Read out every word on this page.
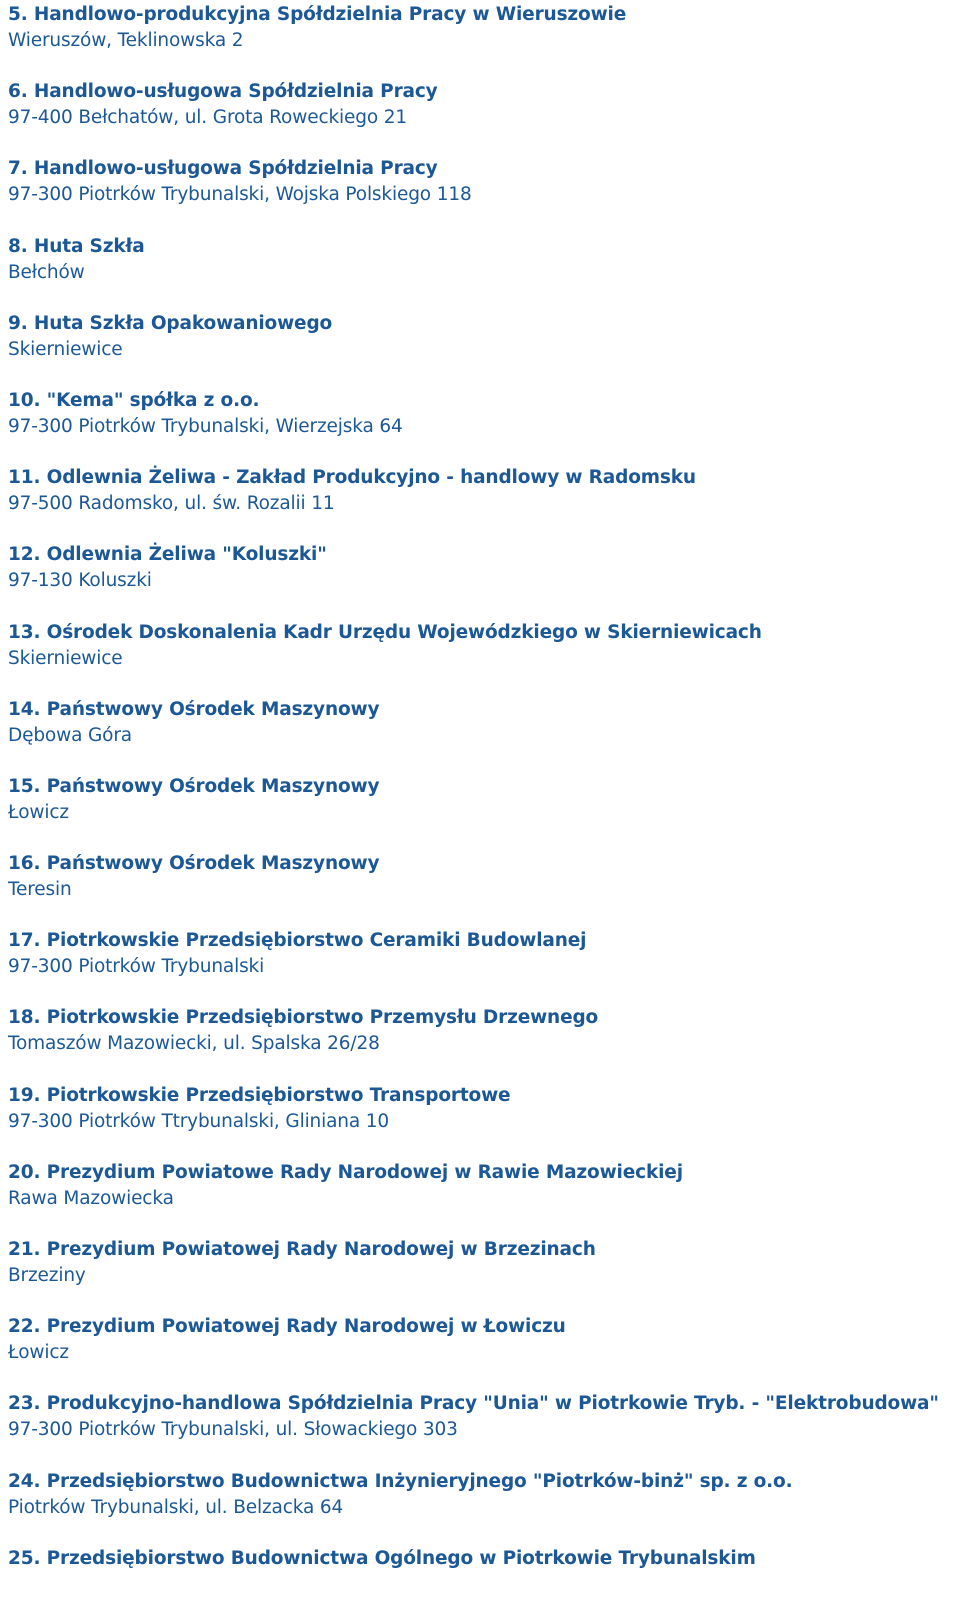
5. Handlowo-produkcyjna Spółdzielnia Pracy w Wieruszowie
Wieruszów, Teklinowska 2
6. Handlowo-usługowa Spółdzielnia Pracy
97-400 Bełchatów, ul. Grota Roweckiego 21
7. Handlowo-usługowa Spółdzielnia Pracy
97-300 Piotrków Trybunalski, Wojska Polskiego 118
8. Huta Szkła
Bełchów
9. Huta Szkła Opakowaniowego
Skierniewice
10. "Kema" spółka z o.o.
97-300 Piotrków Trybunalski, Wierzejska 64
11. Odlewnia Żeliwa - Zakład Produkcyjno - handlowy w Radomsku
97-500 Radomsko, ul. św. Rozalii 11
12. Odlewnia Żeliwa "Koluszki"
97-130 Koluszki
13. Ośrodek Doskonalenia Kadr Urzędu Wojewódzkiego w Skierniewicach
Skierniewice
14. Państwowy Ośrodek Maszynowy
Dębowa Góra
15. Państwowy Ośrodek Maszynowy
Łowicz
16. Państwowy Ośrodek Maszynowy
Teresin
17. Piotrkowskie Przedsiębiorstwo Ceramiki Budowlanej
97-300 Piotrków Trybunalski
18. Piotrkowskie Przedsiębiorstwo Przemysłu Drzewnego
Tomaszów Mazowiecki, ul. Spalska 26/28
19. Piotrkowskie Przedsiębiorstwo Transportowe
97-300 Piotrków Ttrybunalski, Gliniana 10
20. Prezydium Powiatowe Rady Narodowej w Rawie Mazowieckiej
Rawa Mazowiecka
21. Prezydium Powiatowej Rady Narodowej w Brzezinach
Brzeziny
22. Prezydium Powiatowej Rady Narodowej w Łowiczu
Łowicz
23. Produkcyjno-handlowa Spółdzielnia Pracy "Unia" w Piotrkowie Tryb. - "Elektrobudowa"
97-300 Piotrków Trybunalski, ul. Słowackiego 303
24. Przedsiębiorstwo Budownictwa Inżynieryjnego "Piotrków-binż" sp. z o.o.
Piotrków Trybunalski, ul. Belzacka 64
25. Przedsiębiorstwo Budownictwa Ogólnego w Piotrkowie Trybunalskim
